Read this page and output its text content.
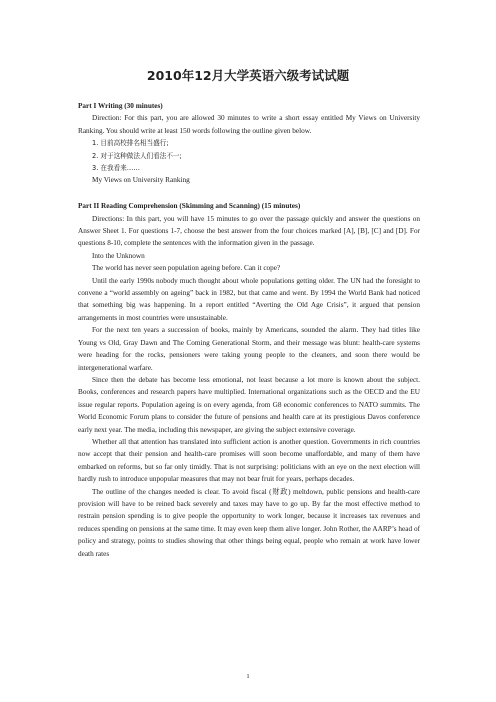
2010年12月大学英语六级考试试题

Part I Writing (30 minutes)

Direction: For this part, you are allowed 30 minutes to write a short essay entitled My Views on University Ranking. You should write at least 150 words following the outline given below.

1. 目前高校排名相当盛行;

2. 对于这种做法人们看法不一;

3. 在我看来……

My Views on University Ranking

Part II Reading Comprehension (Skimming and Scanning) (15 minutes)

Directions: In this part, you will have 15 minutes to go over the passage quickly and answer the questions on Answer Sheet 1. For questions 1-7, choose the best answer from the four choices marked [A], [B], [C] and [D]. For questions 8-10, complete the sentences with the information given in the passage.

Into the Unknown

The world has never seen population ageing before. Can it cope?

Until the early 1990s nobody much thought about whole populations getting older. The UN had the foresight to convene a “world assembly on ageing” back in 1982, but that came and went. By 1994 the World Bank had noticed that something big was happening. In a report entitled “Averting the Old Age Crisis”, it argued that pension arrangements in most countries were unsustainable.

For the next ten years a succession of books, mainly by Americans, sounded the alarm. They had titles like Young vs Old, Gray Dawn and The Coming Generational Storm, and their message was blunt: health-care systems were heading for the rocks, pensioners were taking young people to the cleaners, and soon there would be intergenerational warfare.

Since then the debate has become less emotional, not least because a lot more is known about the subject. Books, conferences and research papers have multiplied. International organizations such as the OECD and the EU issue regular reports. Population ageing is on every agenda, from G8 economic conferences to NATO summits. The World Economic Forum plans to consider the future of pensions and health care at its prestigious Davos conference early next year. The media, including this newspaper, are giving the subject extensive coverage.

Whether all that attention has translated into sufficient action is another question. Governments in rich countries now accept that their pension and health-care promises will soon become unaffordable, and many of them have embarked on reforms, but so far only timidly. That is not surprising: politicians with an eye on the next election will hardly rush to introduce unpopular measures that may not bear fruit for years, perhaps decades.

The outline of the changes needed is clear. To avoid fiscal (财政) meltdown, public pensions and health-care provision will have to be reined back severely and taxes may have to go up. By far the most effective method to restrain pension spending is to give people the opportunity to work longer, because it increases tax revenues and reduces spending on pensions at the same time. It may even keep them alive longer. John Rother, the AARP’s head of policy and strategy, points to studies showing that other things being equal, people who remain at work have lower death rates

1
